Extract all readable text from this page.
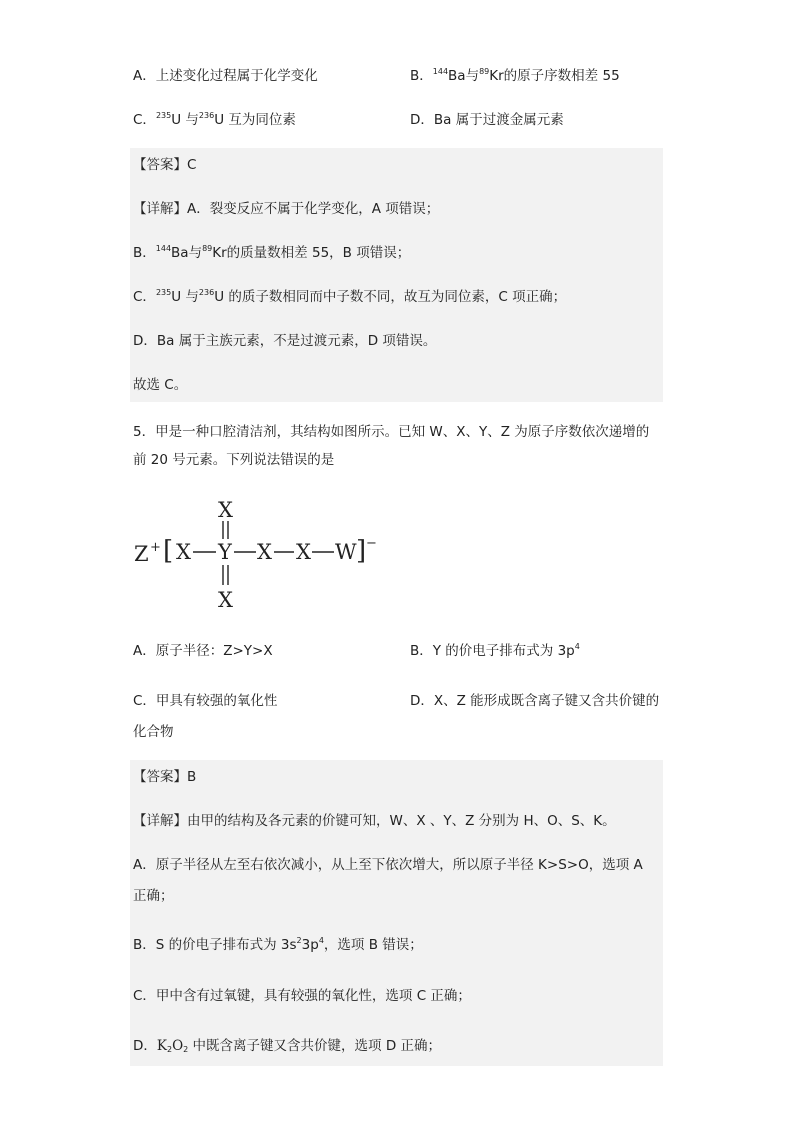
A．上述变化过程属于化学变化	B．$^{144}$Ba与$^{89}$Kr的原子序数相差 55
C．$^{235}$U 与$^{236}$U 互为同位素	D．Ba 属于过渡金属元素
【答案】C
【详解】A．裂变反应不属于化学变化，A 项错误；
B．$^{144}$Ba与$^{89}$Kr的质量数相差 55，B 项错误；
C．$^{235}$U 与$^{236}$U 的质子数相同而中子数不同，故互为同位素，C 项正确；
D．Ba 属于主族元素，不是过渡元素，D 项错误。
故选 C。
5．甲是一种口腔清洁剂，其结构如图所示。已知 W、X、Y、Z 为原子序数依次递增的
前 20 号元素。下列说法错误的是
X
Z + [ X Y X X W ] −
X
A．原子半径：Z>Y>X	B．Y 的价电子排布式为 $3p^4$
C．甲具有较强的氧化性	D．X、Z 能形成既含离子键又含共价键的
化合物
【答案】B
【详解】由甲的结构及各元素的价键可知，W、X 、Y、Z 分别为 H、O、S、K。
A．原子半径从左至右依次减小，从上至下依次增大，所以原子半径 K>S>O，选项 A
正确；
B．S 的价电子排布式为 $3s^23p^4$，选项 B 错误；
C．甲中含有过氧键，具有较强的氧化性，选项 C 正确；
D．$K_2O_2$ 中既含离子键又含共价键，选项 D 正确；
